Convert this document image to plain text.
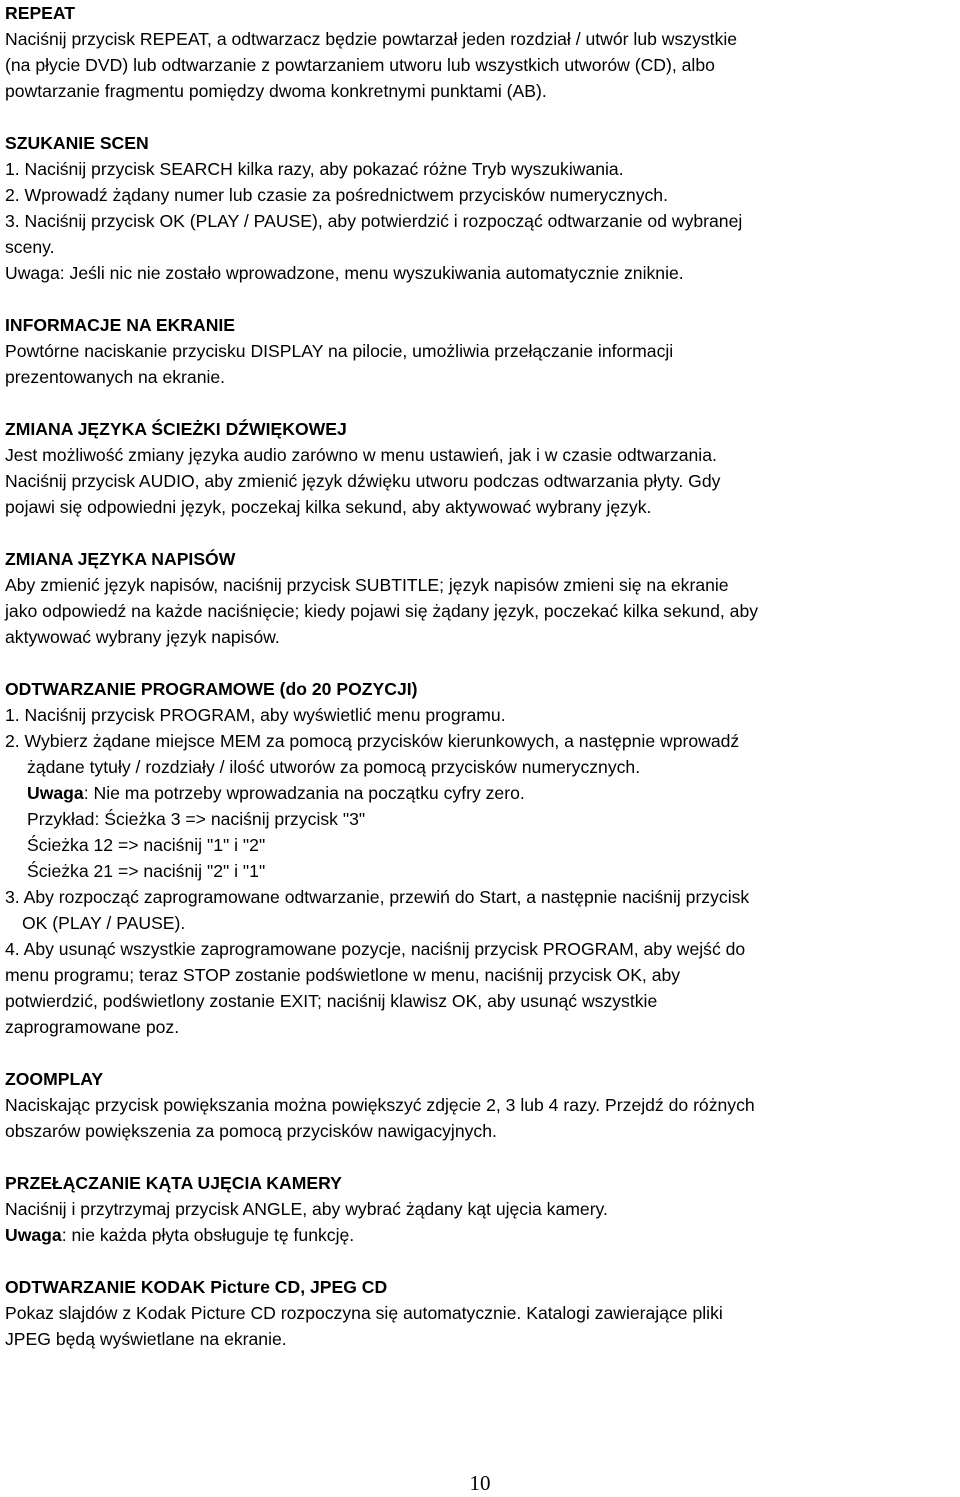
REPEAT
Naciśnij przycisk REPEAT, a odtwarzacz będzie powtarzał jeden rozdział / utwór lub wszystkie
(na płycie DVD) lub odtwarzanie z powtarzaniem utworu lub wszystkich utworów (CD), albo
powtarzanie fragmentu pomiędzy dwoma konkretnymi punktami (AB).
SZUKANIE SCEN
1. Naciśnij przycisk SEARCH kilka razy, aby pokazać różne Tryb wyszukiwania.
2. Wprowadź żądany numer lub czasie za pośrednictwem przycisków numerycznych.
3. Naciśnij przycisk OK (PLAY / PAUSE), aby potwierdzić i rozpocząć odtwarzanie od wybranej
sceny.
Uwaga: Jeśli nic nie zostało wprowadzone, menu wyszukiwania automatycznie zniknie.
INFORMACJE NA EKRANIE
Powtórne naciskanie przycisku DISPLAY na pilocie, umożliwia przełączanie informacji
prezentowanych na ekranie.
ZMIANA JĘZYKA ŚCIEŻKI DŹWIĘKOWEJ
Jest możliwość zmiany języka audio zarówno w menu ustawień, jak i w czasie odtwarzania.
Naciśnij przycisk AUDIO, aby zmienić język dźwięku utworu podczas odtwarzania płyty. Gdy
pojawi się odpowiedni język, poczekaj kilka sekund, aby aktywować wybrany język.
ZMIANA JĘZYKA NAPISÓW
Aby zmienić język napisów, naciśnij przycisk SUBTITLE; język napisów zmieni się na ekranie
jako odpowiedź na każde naciśnięcie; kiedy pojawi się żądany język, poczekać kilka sekund, aby
aktywować wybrany język napisów.
ODTWARZANIE PROGRAMOWE (do 20 POZYCJI)
1. Naciśnij przycisk PROGRAM, aby wyświetlić menu programu.
2. Wybierz żądane miejsce MEM za pomocą przycisków kierunkowych, a następnie wprowadź
żądane tytuły / rozdziały / ilość utworów za pomocą przycisków numerycznych.
Uwaga: Nie ma potrzeby wprowadzania na początku cyfry zero.
Przykład: Ścieżka 3 => naciśnij przycisk "3"
Ścieżka 12 => naciśnij "1" i "2"
Ścieżka 21 => naciśnij "2" i "1"
3. Aby rozpocząć zaprogramowane odtwarzanie, przewiń do Start, a następnie naciśnij przycisk
OK (PLAY / PAUSE).
4. Aby usunąć wszystkie zaprogramowane pozycje, naciśnij przycisk PROGRAM, aby wejść do
menu programu; teraz STOP zostanie podświetlone w menu, naciśnij przycisk OK, aby
potwierdzić, podświetlony zostanie EXIT; naciśnij klawisz OK, aby usunąć wszystkie
zaprogramowane poz.
ZOOMPLAY
Naciskając przycisk powiększania można powiększyć zdjęcie 2, 3 lub 4 razy. Przejdź do różnych
obszarów powiększenia za pomocą przycisków nawigacyjnych.
PRZEŁĄCZANIE KĄTA UJĘCIA KAMERY
Naciśnij i przytrzymaj przycisk ANGLE, aby wybrać żądany kąt ujęcia kamery.
Uwaga: nie każda płyta obsługuje tę funkcję.
ODTWARZANIE KODAK Picture CD, JPEG CD
Pokaz slajdów z Kodak Picture CD rozpoczyna się automatycznie. Katalogi zawierające pliki
JPEG będą wyświetlane na ekranie.
10
